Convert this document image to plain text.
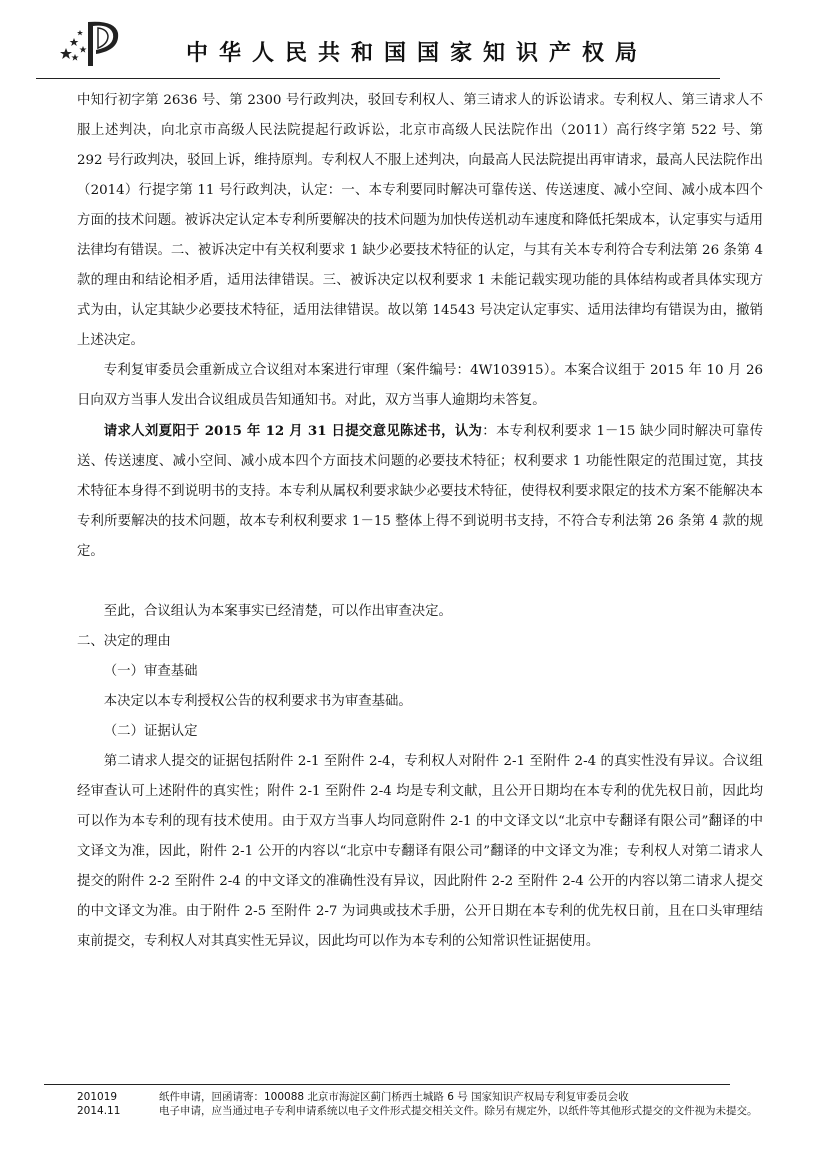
中华人民共和国国家知识产权局

中知行初字第 2636 号、第 2300 号行政判决，驳回专利权人、第三请求人的诉讼请求。专利权人、第三请求人不服上述判决，向北京市高级人民法院提起行政诉讼，北京市高级人民法院作出（2011）高行终字第 522 号、第 292 号行政判决，驳回上诉，维持原判。专利权人不服上述判决，向最高人民法院提出再审请求，最高人民法院作出（2014）行提字第 11 号行政判决，认定：一、本专利要同时解决可靠传送、传送速度、减小空间、减小成本四个方面的技术问题。被诉决定认定本专利所要解决的技术问题为加快传送机动车速度和降低托架成本，认定事实与适用法律均有错误。二、被诉决定中有关权利要求 1 缺少必要技术特征的认定，与其有关本专利符合专利法第 26 条第 4 款的理由和结论相矛盾，适用法律错误。三、被诉决定以权利要求 1 未能记载实现功能的具体结构或者具体实现方式为由，认定其缺少必要技术特征，适用法律错误。故以第 14543 号决定认定事实、适用法律均有错误为由，撤销上述决定。

专利复审委员会重新成立合议组对本案进行审理（案件编号：4W103915）。本案合议组于 2015 年 10 月 26 日向双方当事人发出合议组成员告知通知书。对此，双方当事人逾期均未答复。

请求人刘夏阳于 2015 年 12 月 31 日提交意见陈述书，认为：本专利权利要求 1－15 缺少同时解决可靠传送、传送速度、减小空间、减小成本四个方面技术问题的必要技术特征；权利要求 1 功能性限定的范围过宽，其技术特征本身得不到说明书的支持。本专利从属权利要求缺少必要技术特征，使得权利要求限定的技术方案不能解决本专利所要解决的技术问题，故本专利权利要求 1－15 整体上得不到说明书支持，不符合专利法第 26 条第 4 款的规定。

至此，合议组认为本案事实已经清楚，可以作出审查决定。

二、决定的理由

（一）审查基础

本决定以本专利授权公告的权利要求书为审查基础。

（二）证据认定

第二请求人提交的证据包括附件 2-1 至附件 2-4，专利权人对附件 2-1 至附件 2-4 的真实性没有异议。合议组经审查认可上述附件的真实性；附件 2-1 至附件 2-4 均是专利文献，且公开日期均在本专利的优先权日前，因此均可以作为本专利的现有技术使用。由于双方当事人均同意附件 2-1 的中文译文以“北京中专翻译有限公司”翻译的中文译文为准，因此，附件 2-1 公开的内容以“北京中专翻译有限公司”翻译的中文译文为准；专利权人对第二请求人提交的附件 2-2 至附件 2-4 的中文译文的准确性没有异议，因此附件 2-2 至附件 2-4 公开的内容以第二请求人提交的中文译文为准。由于附件 2-5 至附件 2-7 为词典或技术手册，公开日期在本专利的优先权日前，且在口头审理结束前提交，专利权人对其真实性无异议，因此均可以作为本专利的公知常识性证据使用。

201019	纸件申请，回函请寄：100088 北京市海淀区蓟门桥西土城路 6 号 国家知识产权局专利复审委员会收
2014.11	电子申请，应当通过电子专利申请系统以电子文件形式提交相关文件。除另有规定外，以纸件等其他形式提交的文件视为未提交。
